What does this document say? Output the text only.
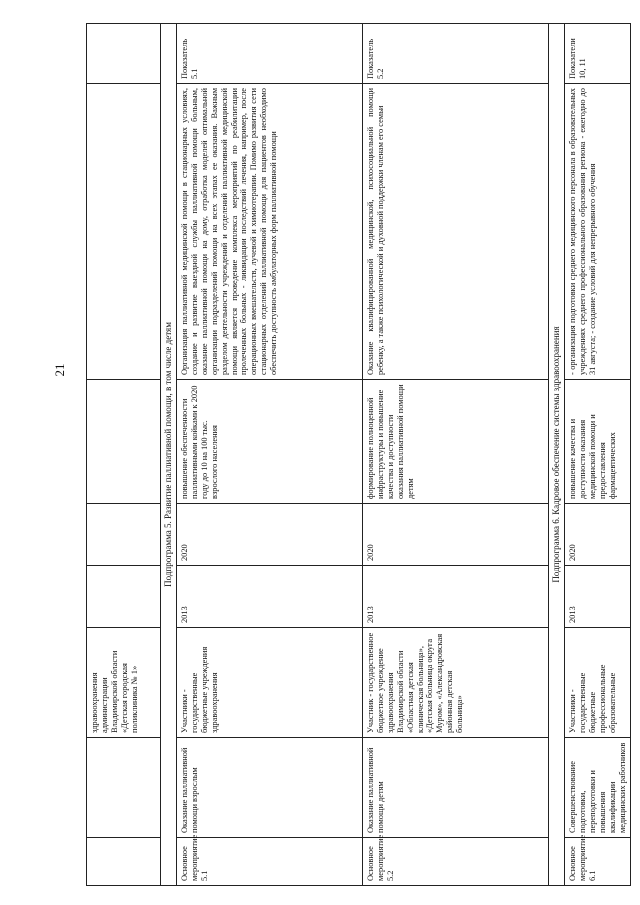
21
		здравоохранения администрации Владимирской области «Детская городская поликлиника № 1»					
Подпрограмма 5. Развитие паллиативной помощи, в том числе детям							
Основное мероприятие 5.1	Оказание паллиативной помощи взрослым	Участники - государственные бюджетные учреждения здравоохранения	2013	2020	повышение обеспеченности паллиативными койками к 2020 году до 10 на 100 тыс. взрослого населения	Организация паллиативной медицинской помощи в стационарных условиях, создание и развитие выездной службы паллиативной помощи больным, оказание паллиативной помощи на дому, отработка моделей оптимальной организации подразделений помощи на всех этапах ее оказания. Важным разделом деятельности учреждений и отделений паллиативной медицинской помощи является проведение комплекса мероприятий по реабилитации пролеченных больных - ликвидации последствий лечения, например, после операционных вмешательств, лучевой и химиотерапии. Помимо развития сети стационарных отделений паллиативной помощи для пациентов необходимо обеспечить доступность амбулаторных форм паллиативной помощи	Показатель 5.1
Основное мероприятие 5.2	Оказание паллиативной помощи детям	Участник - государственное бюджетное учреждение здравоохранения Владимирской области «Областная детская клиническая больница», «Детская больница округа Муром», «Александровская районная детская больница»	2013	2020	формирование полноценной инфраструктуры и повышение качества и доступности оказания паллиативной помощи детям	Оказание квалифицированной медицинской, психосоциальной помощи ребенку, а также психологической и духовной поддержки членам его семьи	Показатель 5.2
Подпрограмма 6. Кадровое обеспечение системы здравоохранения							
Основное мероприятие 6.1	Совершенствование подготовки, переподготовки и повышения квалификации медицинских работников	Участники - государственные бюджетные профессиональные образовательные	2013	2020	повышение качества и доступности оказания медицинской помощи и предоставления фармацевтических	- организация подготовки среднего медицинского персонала в образовательных учреждениях среднего профессионального образования региона - ежегодно до 31 августа; - создание условий для непрерывного обучения	Показатели 10, 11
